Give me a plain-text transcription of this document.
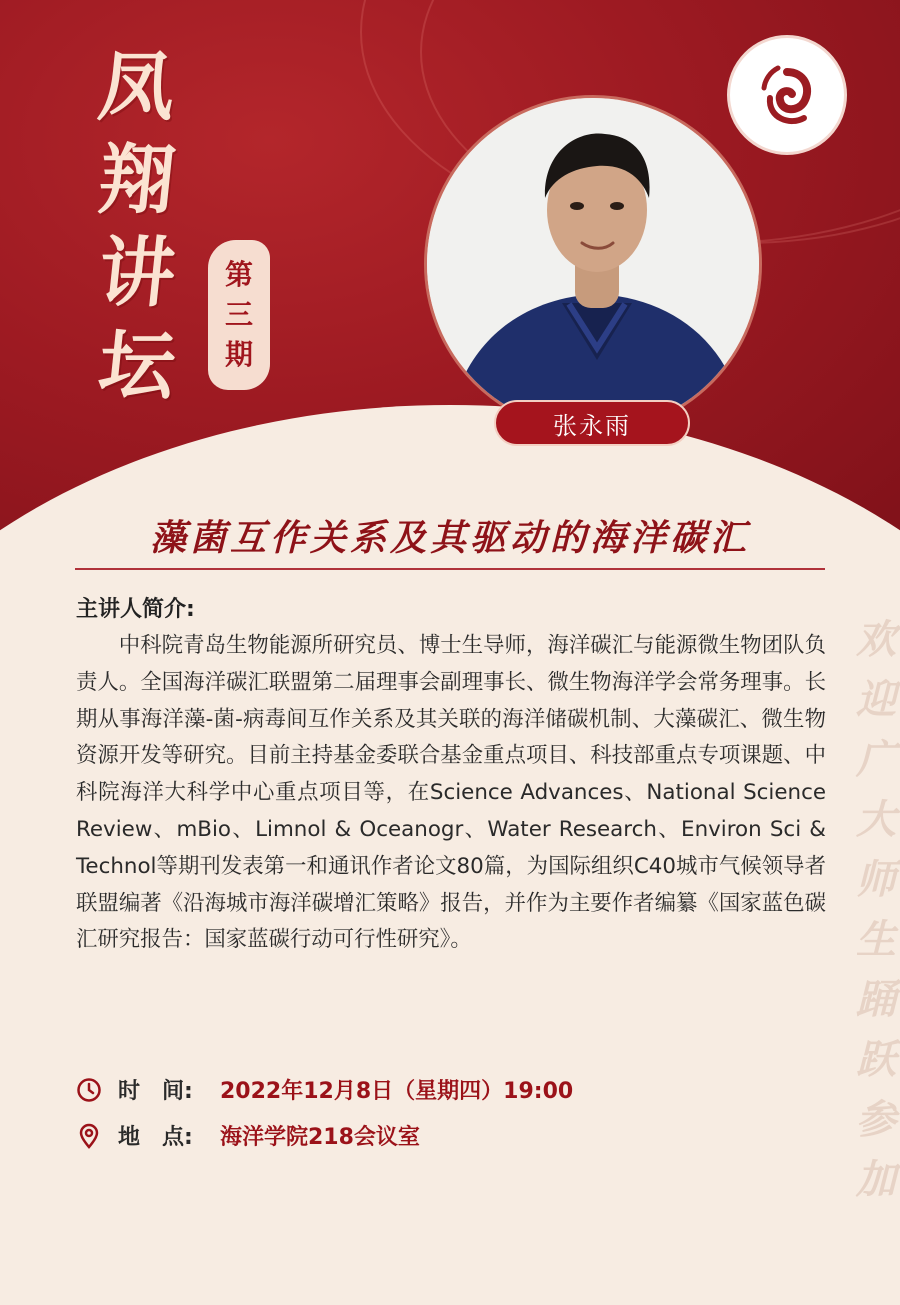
凤
翔
讲
坛
第
三
期
张永雨
藻菌互作关系及其驱动的海洋碳汇
主讲人简介:

中科院青岛生物能源所研究员、博士生导师，海洋碳汇与能源微生物团队负责人。全国海洋碳汇联盟第二届理事会副理事长、微生物海洋学会常务理事。长期从事海洋藻-菌-病毒间互作关系及其关联的海洋储碳机制、大藻碳汇、微生物资源开发等研究。目前主持基金委联合基金重点项目、科技部重点专项课题、中科院海洋大科学中心重点项目等，在Science Advances、National Science Review、mBio、Limnol & Oceanogr、Water Research、Environ Sci & Technol等期刊发表第一和通讯作者论文80篇，为国际组织C40城市气候领导者联盟编著《沿海城市海洋碳增汇策略》报告，并作为主要作者编纂《国家蓝色碳汇研究报告：国家蓝碳行动可行性研究》。

欢
迎
广
大
师
生
踊
跃
参
加
时　间:	2022年12月8日（星期四）19:00
地　点:	海洋学院218会议室
